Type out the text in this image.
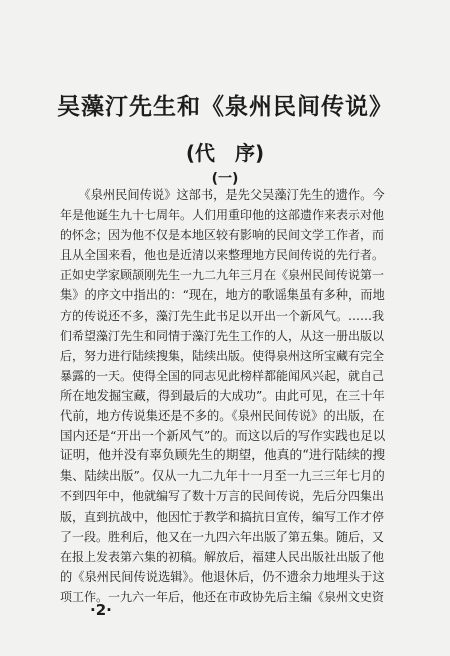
吴藻汀先生和《泉州民间传说》
(代　序)
(一)
　　《泉州民间传说》这部书，是先父吴藻汀先生的遗作。今
年是他诞生九十七周年。人们用重印他的这部遗作来表示对他
的怀念；因为他不仅是本地区较有影响的民间文学工作者，而
且从全国来看，他也是近清以来整理地方民间传说的先行者。
正如史学家顾颉刚先生一九二九年三月在《泉州民间传说第一
集》的序文中指出的：“现在，地方的歌谣集虽有多种，而地
方的传说还不多，藻汀先生此书足以开出一个新风气。……我
们希望藻汀先生和同情于藻汀先生工作的人，从这一册出版以
后，努力进行陆续搜集，陆续出版。使得泉州这所宝藏有完全
暴露的一天。使得全国的同志见此榜样都能闻风兴起，就自己
所在地发掘宝藏，得到最后的大成功”。由此可见，在三十年
代前，地方传说集还是不多的。《泉州民间传说》的出版，在
国内还是“开出一个新风气”的。而这以后的写作实践也足以
证明，他并没有辜负顾先生的期望，他真的“进行陆续的搜
集、陆续出版”。仅从一九二九年十一月至一九三三年七月的
不到四年中，他就编写了数十万言的民间传说，先后分四集出
版，直到抗战中，他因忙于教学和搞抗日宣传，编写工作才停
了一段。胜利后，他又在一九四六年出版了第五集。随后，又
在报上发表第六集的初稿。解放后，福建人民出版社出版了他
的《泉州民间传说选辑》。他退休后，仍不遗余力地埋头于这
项工作。一九六一年后，他还在市政协先后主编《泉州文史资
·2·
